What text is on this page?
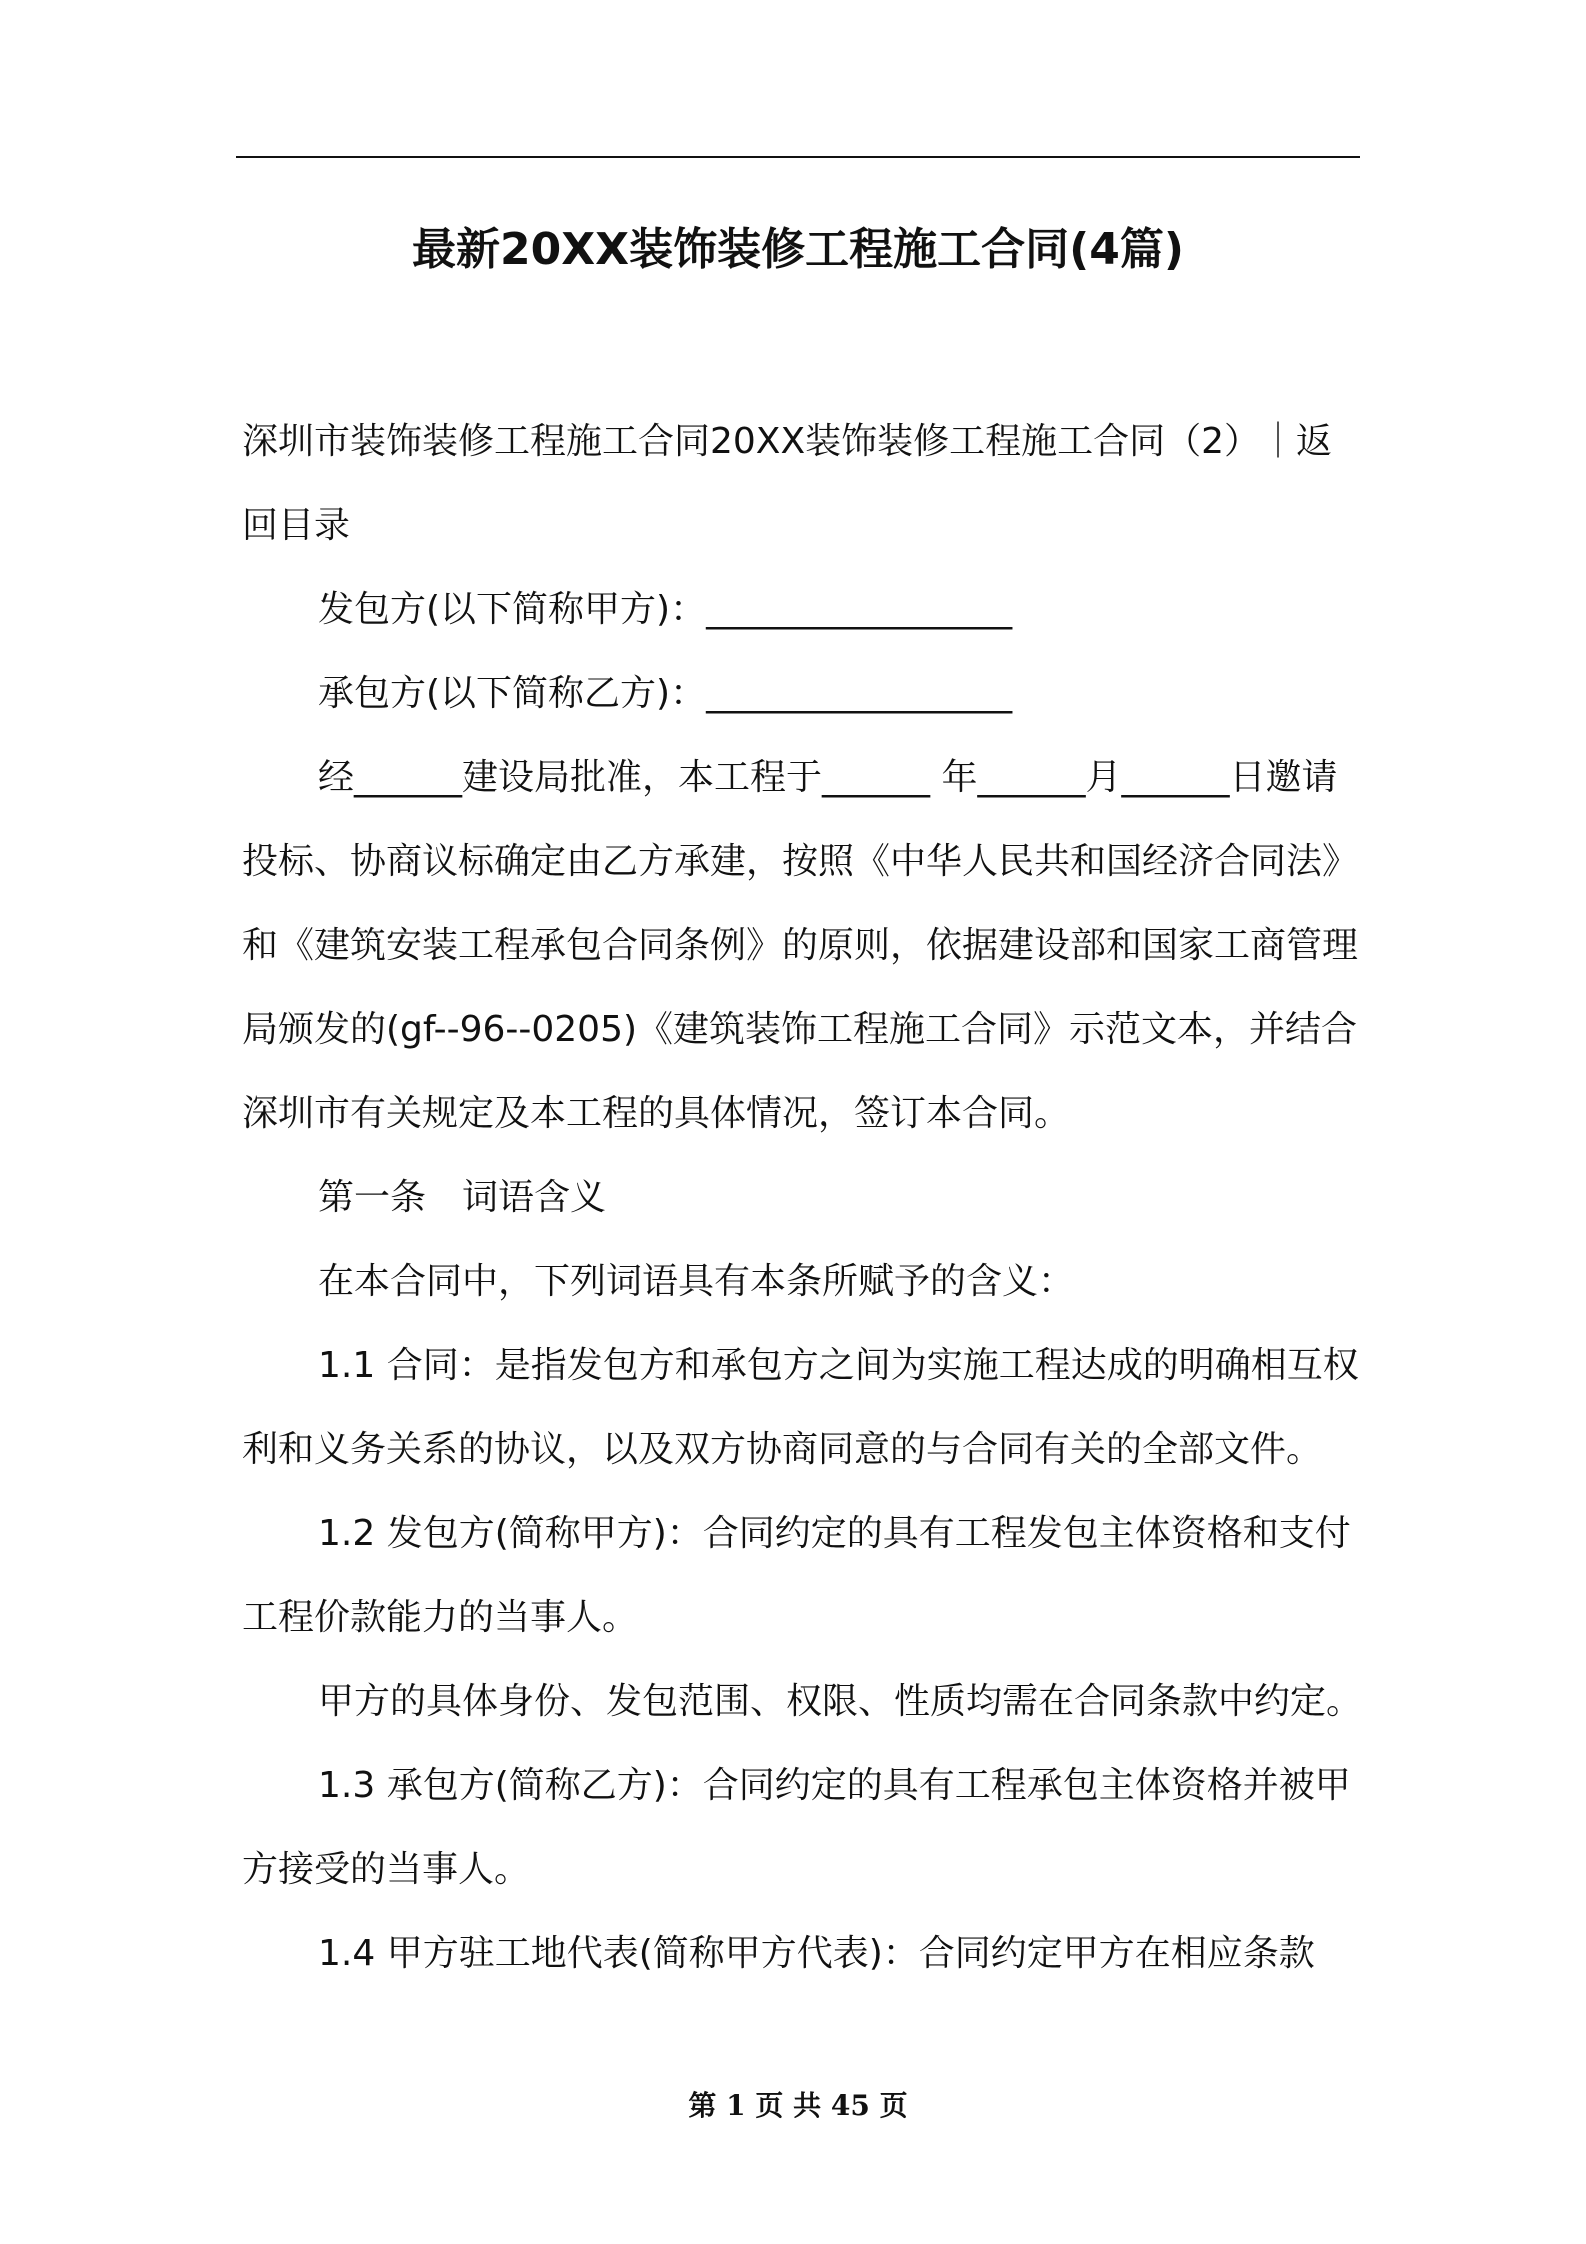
最新20XX装饰装修工程施工合同(4篇)

深圳市装饰装修工程施工合同20XX装饰装修工程施工合同（2）｜返回目录

发包方(以下简称甲方)：_________________

承包方(以下简称乙方)：_________________

经______建设局批准，本工程于______ 年______月______日邀请投标、协商议标确定由乙方承建，按照《中华人民共和国经济合同法》和《建筑安装工程承包合同条例》的原则，依据建设部和国家工商管理局颁发的(gf--96--0205)《建筑装饰工程施工合同》示范文本，并结合深圳市有关规定及本工程的具体情况，签订本合同。

第一条　词语含义

在本合同中，下列词语具有本条所赋予的含义：

1.1 合同：是指发包方和承包方之间为实施工程达成的明确相互权利和义务关系的协议，以及双方协商同意的与合同有关的全部文件。

1.2 发包方(简称甲方)：合同约定的具有工程发包主体资格和支付工程价款能力的当事人。

甲方的具体身份、发包范围、权限、性质均需在合同条款中约定。

1.3 承包方(简称乙方)：合同约定的具有工程承包主体资格并被甲方接受的当事人。

1.4 甲方驻工地代表(简称甲方代表)：合同约定甲方在相应条款

第 1 页 共 45 页
